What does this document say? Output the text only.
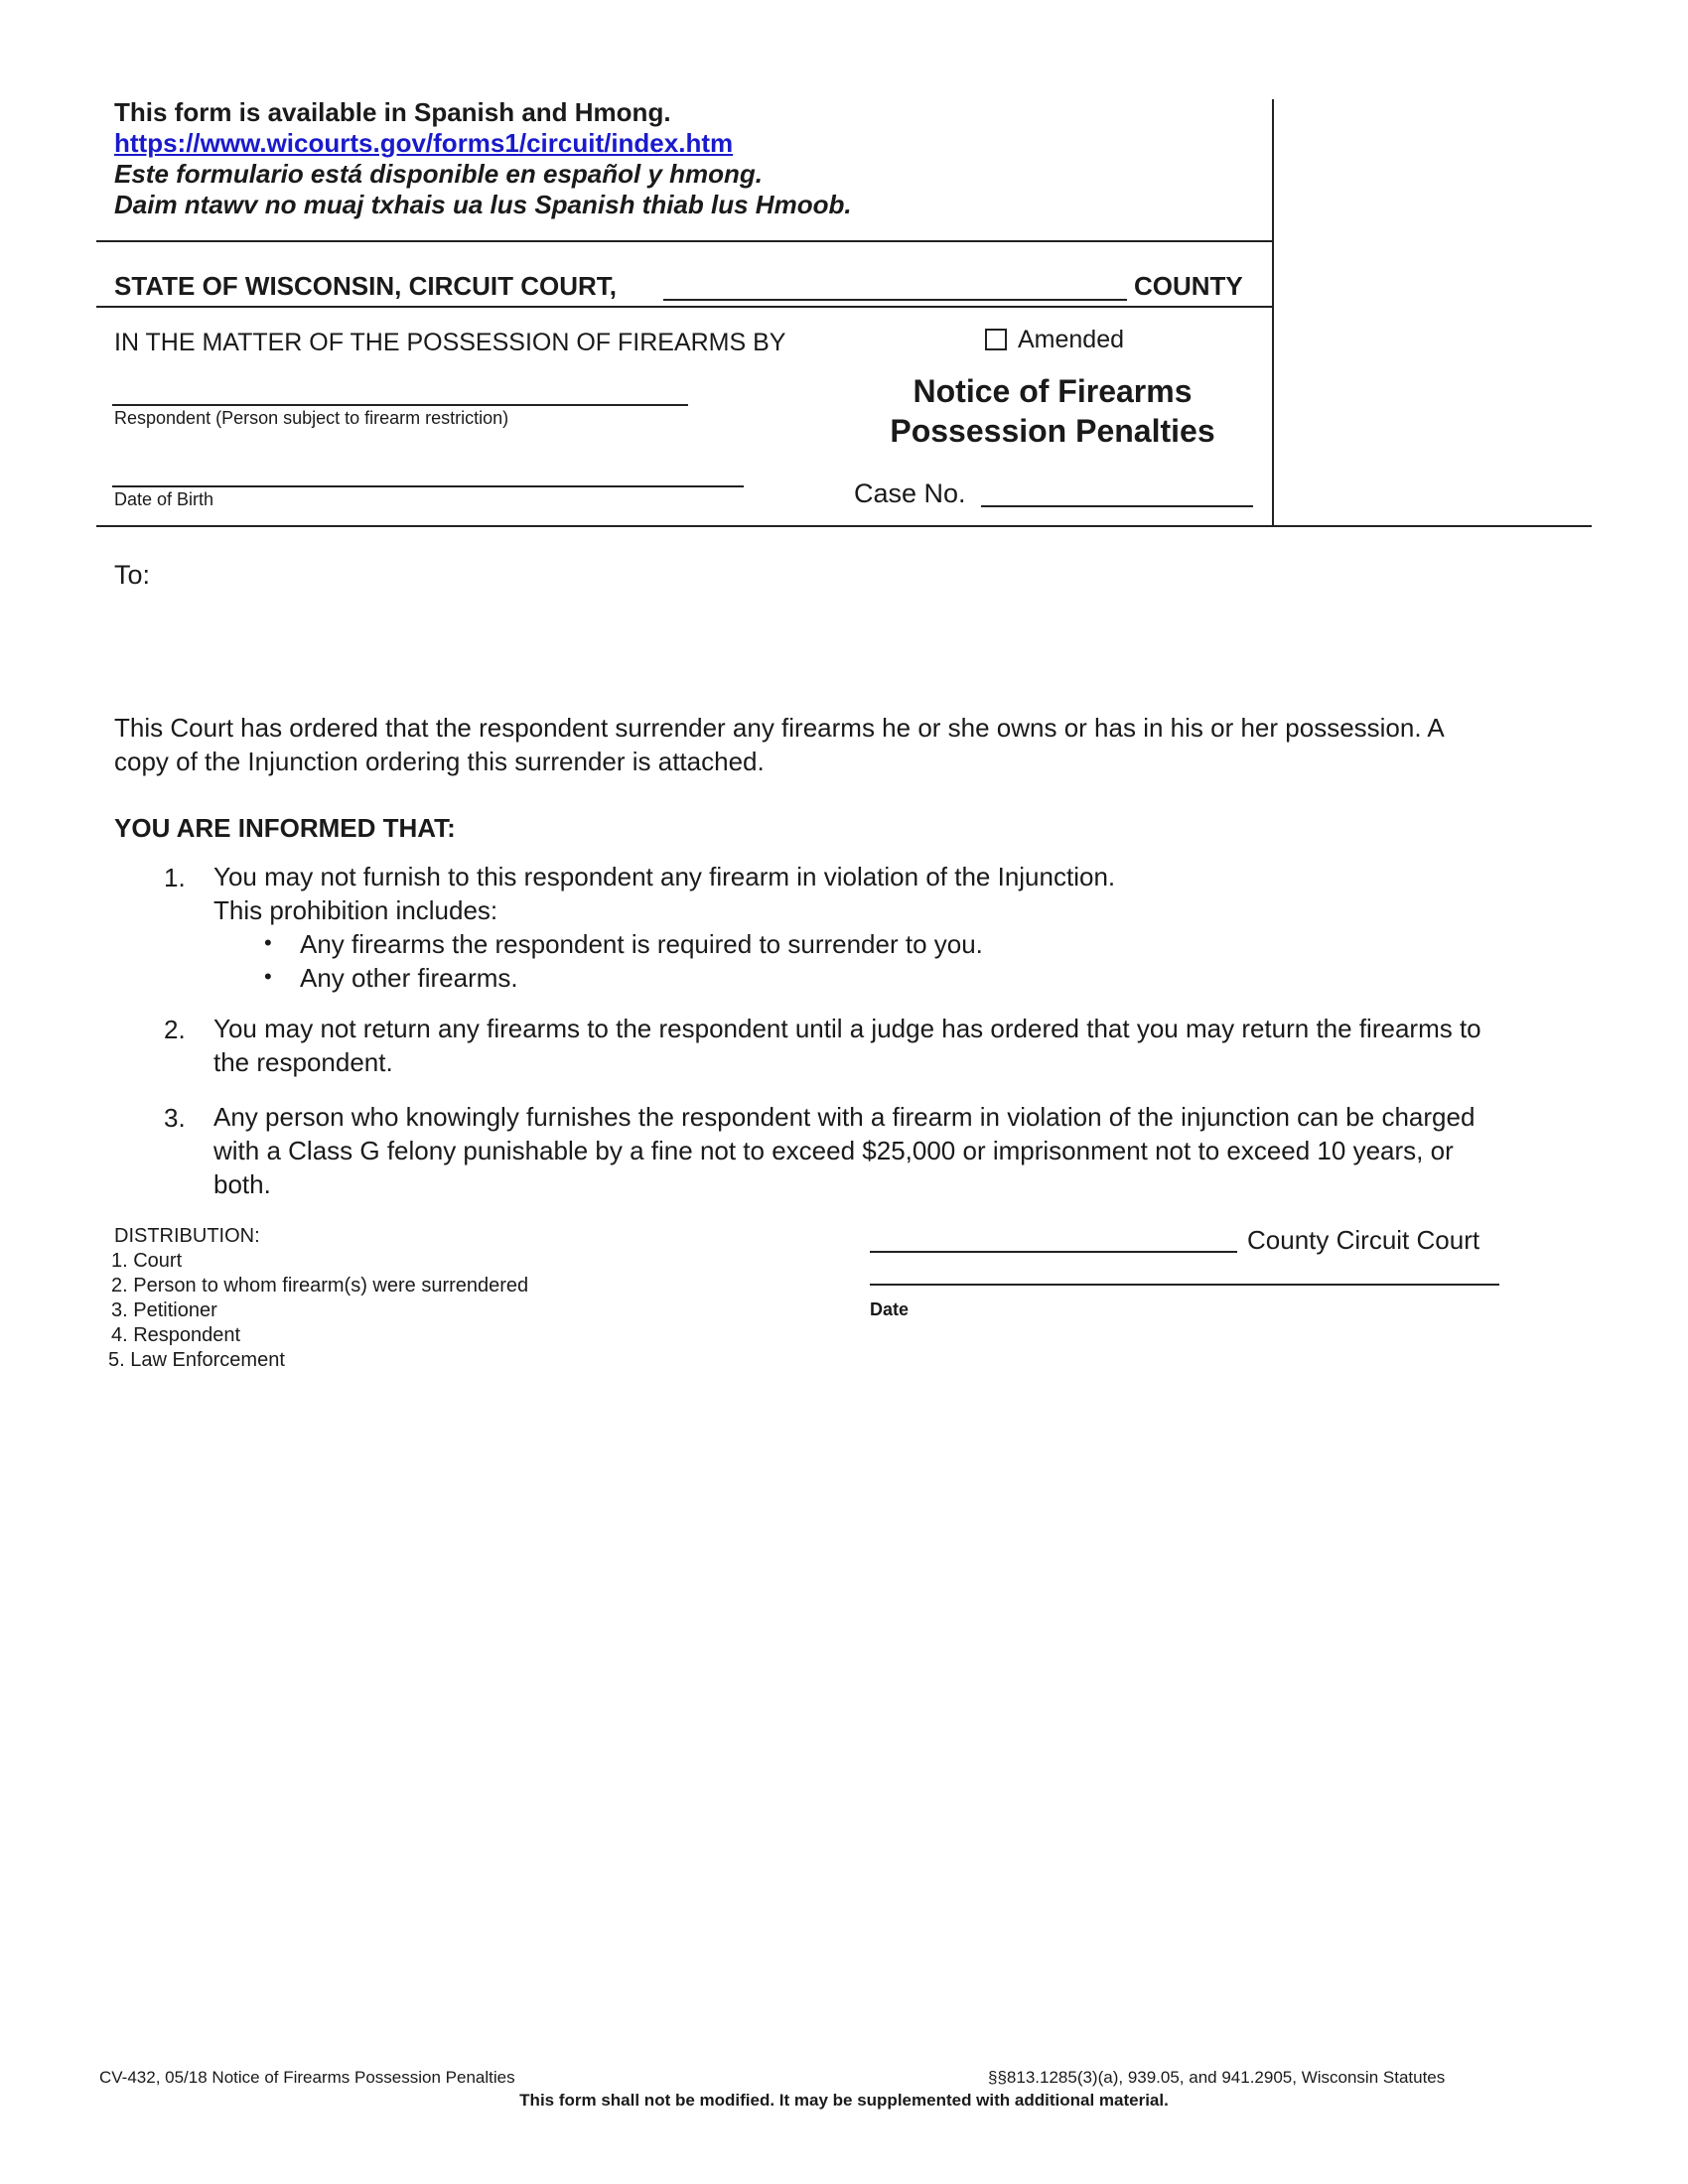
This form is available in Spanish and Hmong.
https://www.wicourts.gov/forms1/circuit/index.htm
Este formulario está disponible en español y hmong.
Daim ntawv no muaj txhais ua lus Spanish thiab lus Hmoob.
STATE OF WISCONSIN, CIRCUIT COURT,	COUNTY
IN THE MATTER OF THE POSSESSION OF FIREARMS BY
Respondent (Person subject to firearm restriction)
Date of Birth
Amended
Notice of Firearms
Possession Penalties
Case No.
To:
This Court has ordered that the respondent surrender any firearms he or she owns or has in his or her possession. A
copy of the Injunction ordering this surrender is attached.
YOU ARE INFORMED THAT:
1. You may not furnish to this respondent any firearm in violation of the Injunction.
This prohibition includes:
• Any firearms the respondent is required to surrender to you.
• Any other firearms.
2. You may not return any firearms to the respondent until a judge has ordered that you may return the firearms to
the respondent.
3. Any person who knowingly furnishes the respondent with a firearm in violation of the injunction can be charged
with a Class G felony punishable by a fine not to exceed $25,000 or imprisonment not to exceed 10 years, or
both.
DISTRIBUTION:
1. Court
2. Person to whom firearm(s) were surrendered
3. Petitioner
4. Respondent
5. Law Enforcement
County Circuit Court
Date
CV-432, 05/18 Notice of Firearms Possession Penalties	§§813.1285(3)(a), 939.05, and 941.2905, Wisconsin Statutes
This form shall not be modified. It may be supplemented with additional material.
